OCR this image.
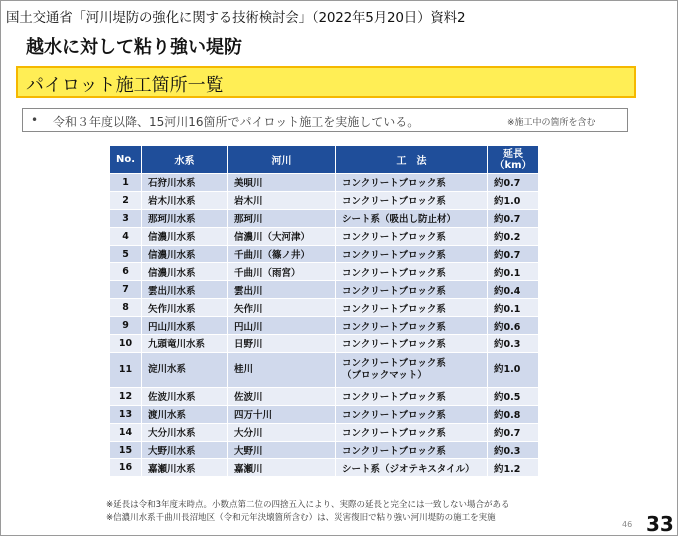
国土交通省「河川堤防の強化に関する技術検討会」（2022年5月20日）資料2
越水に対して粘り強い堤防
パイロット施工箇所一覧
• 令和３年度以降、15河川16箇所でパイロット施工を実施している。	※施工中の箇所を含む
No.	水系	河川	工　法	延長
（km）
1	石狩川水系	美唄川	コンクリートブロック系	約0.7
2	岩木川水系	岩木川	コンクリートブロック系	約1.0
3	那珂川水系	那珂川	シート系（吸出し防止材）	約0.7
4	信濃川水系	信濃川（大河津）	コンクリートブロック系	約0.2
5	信濃川水系	千曲川（篠ノ井）	コンクリートブロック系	約0.7
6	信濃川水系	千曲川（雨宮）	コンクリートブロック系	約0.1
7	雲出川水系	雲出川	コンクリートブロック系	約0.4
8	矢作川水系	矢作川	コンクリートブロック系	約0.1
9	円山川水系	円山川	コンクリートブロック系	約0.6
10	九頭竜川水系	日野川	コンクリートブロック系	約0.3
11	淀川水系	桂川	コンクリートブロック系
（ブロックマット）	約1.0
12	佐波川水系	佐波川	コンクリートブロック系	約0.5
13	渡川水系	四万十川	コンクリートブロック系	約0.8
14	大分川水系	大分川	コンクリートブロック系	約0.7
15	大野川水系	大野川	コンクリートブロック系	約0.3
16	嘉瀬川水系	嘉瀬川	シート系（ジオテキスタイル）	約1.2
※延長は令和3年度末時点。小数点第二位の四捨五入により、実際の延長と完全には一致しない場合がある
※信濃川水系千曲川長沼地区（令和元年決壊箇所含む）は、災害復旧で粘り強い河川堤防の施工を実施
46 33
